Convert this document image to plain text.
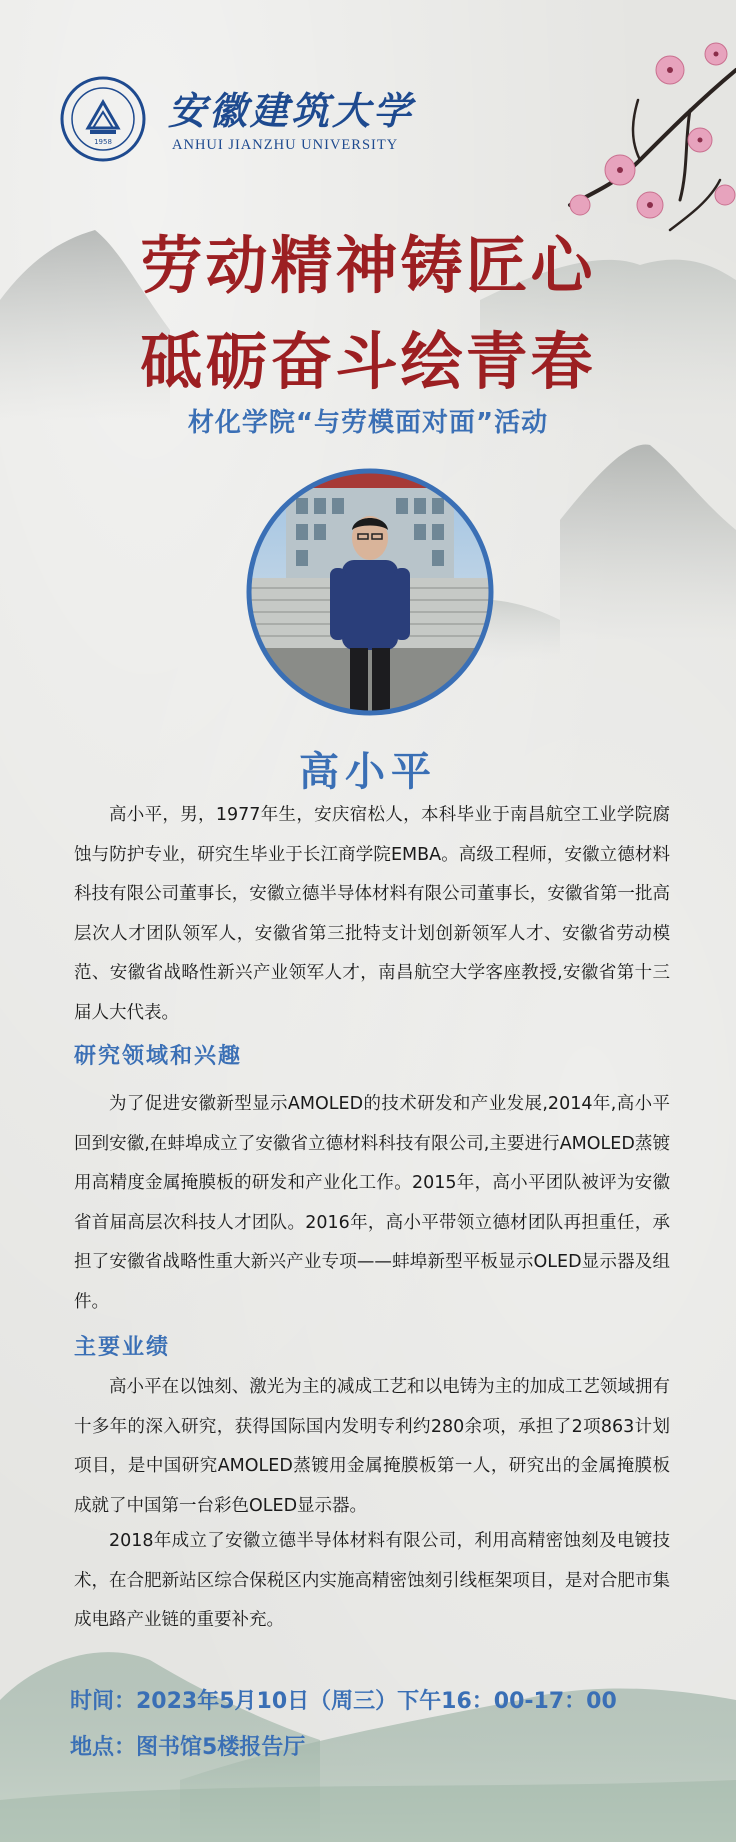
1958
安徽建筑大学
ANHUI JIANZHU UNIVERSITY
劳动精神铸匠心
砥砺奋斗绘青春
材化学院“与劳模面对面”活动
高小平

高小平，男，1977年生，安庆宿松人，本科毕业于南昌航空工业学院腐蚀与防护专业，研究生毕业于长江商学院EMBA。高级工程师，安徽立德材料科技有限公司董事长，安徽立德半导体材料有限公司董事长，安徽省第一批高层次人才团队领军人，安徽省第三批特支计划创新领军人才、安徽省劳动模范、安徽省战略性新兴产业领军人才，南昌航空大学客座教授,安徽省第十三届人大代表。

研究领域和兴趣

为了促进安徽新型显示AMOLED的技术研发和产业发展,2014年,高小平回到安徽,在蚌埠成立了安徽省立德材料科技有限公司,主要进行AMOLED蒸镀用高精度金属掩膜板的研发和产业化工作。2015年，高小平团队被评为安徽省首届高层次科技人才团队。2016年，高小平带领立德材团队再担重任，承担了安徽省战略性重大新兴产业专项——蚌埠新型平板显示OLED显示器及组件。

主要业绩

高小平在以蚀刻、激光为主的减成工艺和以电铸为主的加成工艺领域拥有十多年的深入研究，获得国际国内发明专利约280余项，承担了2项863计划项目，是中国研究AMOLED蒸镀用金属掩膜板第一人，研究出的金属掩膜板成就了中国第一台彩色OLED显示器。

2018年成立了安徽立德半导体材料有限公司，利用高精密蚀刻及电镀技术，在合肥新站区综合保税区内实施高精密蚀刻引线框架项目，是对合肥市集成电路产业链的重要补充。

时间：2023年5月10日（周三）下午16：00-17：00
地点：图书馆5楼报告厅
